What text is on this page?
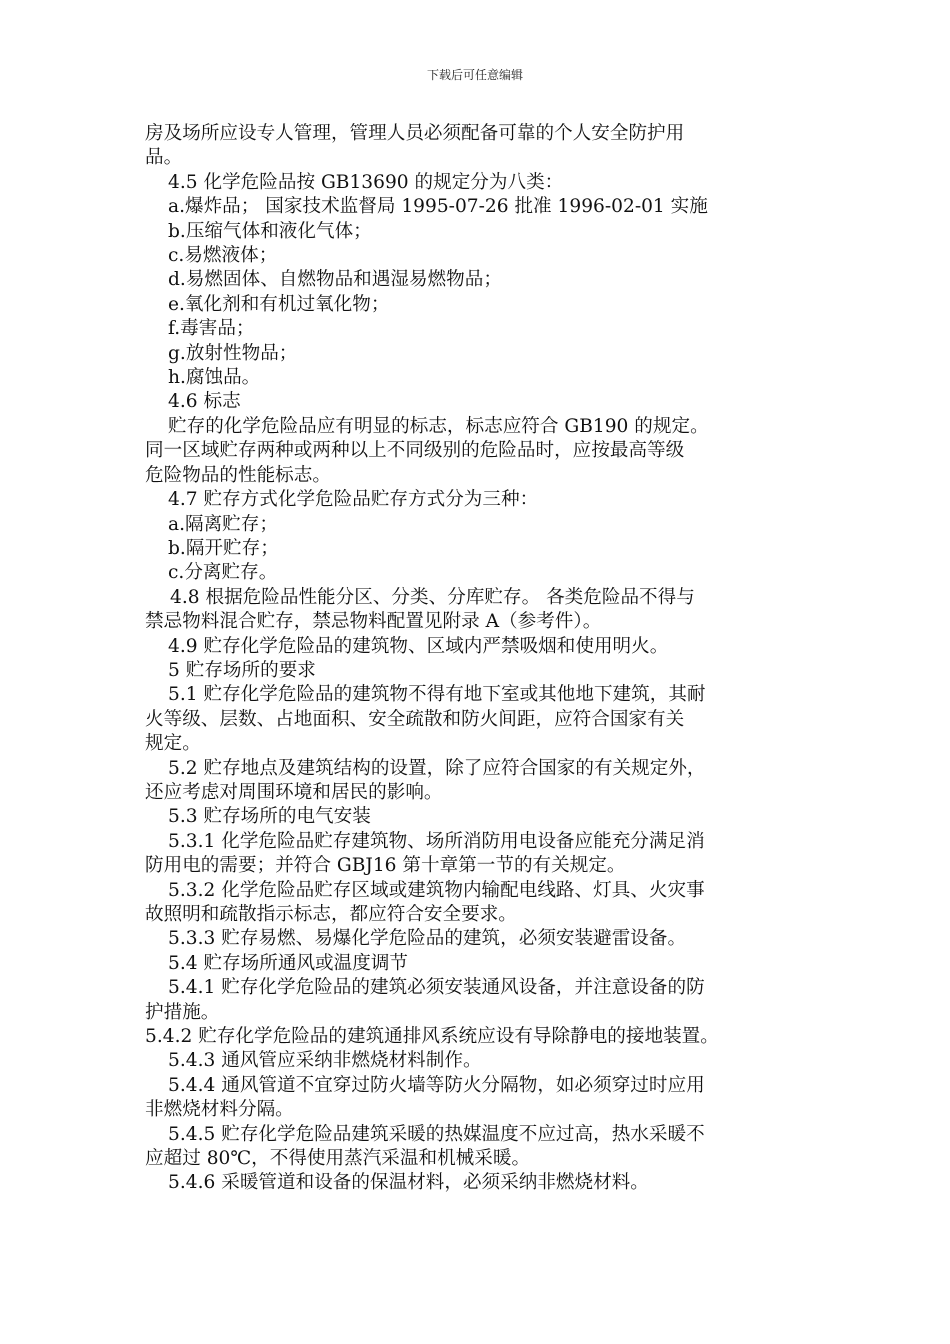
下载后可任意编辑

房及场所应设专人管理，管理人员必须配备可靠的个人安全防护用

品。

4.5 化学危险品按 GB13690 的规定分为八类：

a.爆炸品； 国家技术监督局 1995-07-26 批准 1996-02-01 实施

b.压缩气体和液化气体；

c.易燃液体；

d.易燃固体、自燃物品和遇湿易燃物品；

e.氧化剂和有机过氧化物；

f.毒害品；

g.放射性物品；

h.腐蚀品。

4.6 标志

贮存的化学危险品应有明显的标志，标志应符合 GB190 的规定。

同一区域贮存两种或两种以上不同级别的危险品时，应按最高等级

危险物品的性能标志。

4.7 贮存方式化学危险品贮存方式分为三种：

a.隔离贮存；

b.隔开贮存；

c.分离贮存。

4.8 根据危险品性能分区、分类、分库贮存。 各类危险品不得与

禁忌物料混合贮存，禁忌物料配置见附录 A（参考件）。

4.9 贮存化学危险品的建筑物、区域内严禁吸烟和使用明火。

5 贮存场所的要求

5.1 贮存化学危险品的建筑物不得有地下室或其他地下建筑，其耐

火等级、层数、占地面积、安全疏散和防火间距，应符合国家有关

规定。

5.2 贮存地点及建筑结构的设置，除了应符合国家的有关规定外，

还应考虑对周围环境和居民的影响。

5.3 贮存场所的电气安装

5.3.1 化学危险品贮存建筑物、场所消防用电设备应能充分满足消

防用电的需要；并符合 GBJ16 第十章第一节的有关规定。

5.3.2 化学危险品贮存区域或建筑物内输配电线路、灯具、火灾事

故照明和疏散指示标志，都应符合安全要求。

5.3.3 贮存易燃、易爆化学危险品的建筑，必须安装避雷设备。

5.4 贮存场所通风或温度调节

5.4.1 贮存化学危险品的建筑必须安装通风设备，并注意设备的防

护措施。

5.4.2 贮存化学危险品的建筑通排风系统应设有导除静电的接地装置。

5.4.3 通风管应采纳非燃烧材料制作。

5.4.4 通风管道不宜穿过防火墙等防火分隔物，如必须穿过时应用

非燃烧材料分隔。

5.4.5 贮存化学危险品建筑采暖的热媒温度不应过高，热水采暖不

应超过 80℃，不得使用蒸汽采温和机械采暖。

5.4.6 采暖管道和设备的保温材料，必须采纳非燃烧材料。
